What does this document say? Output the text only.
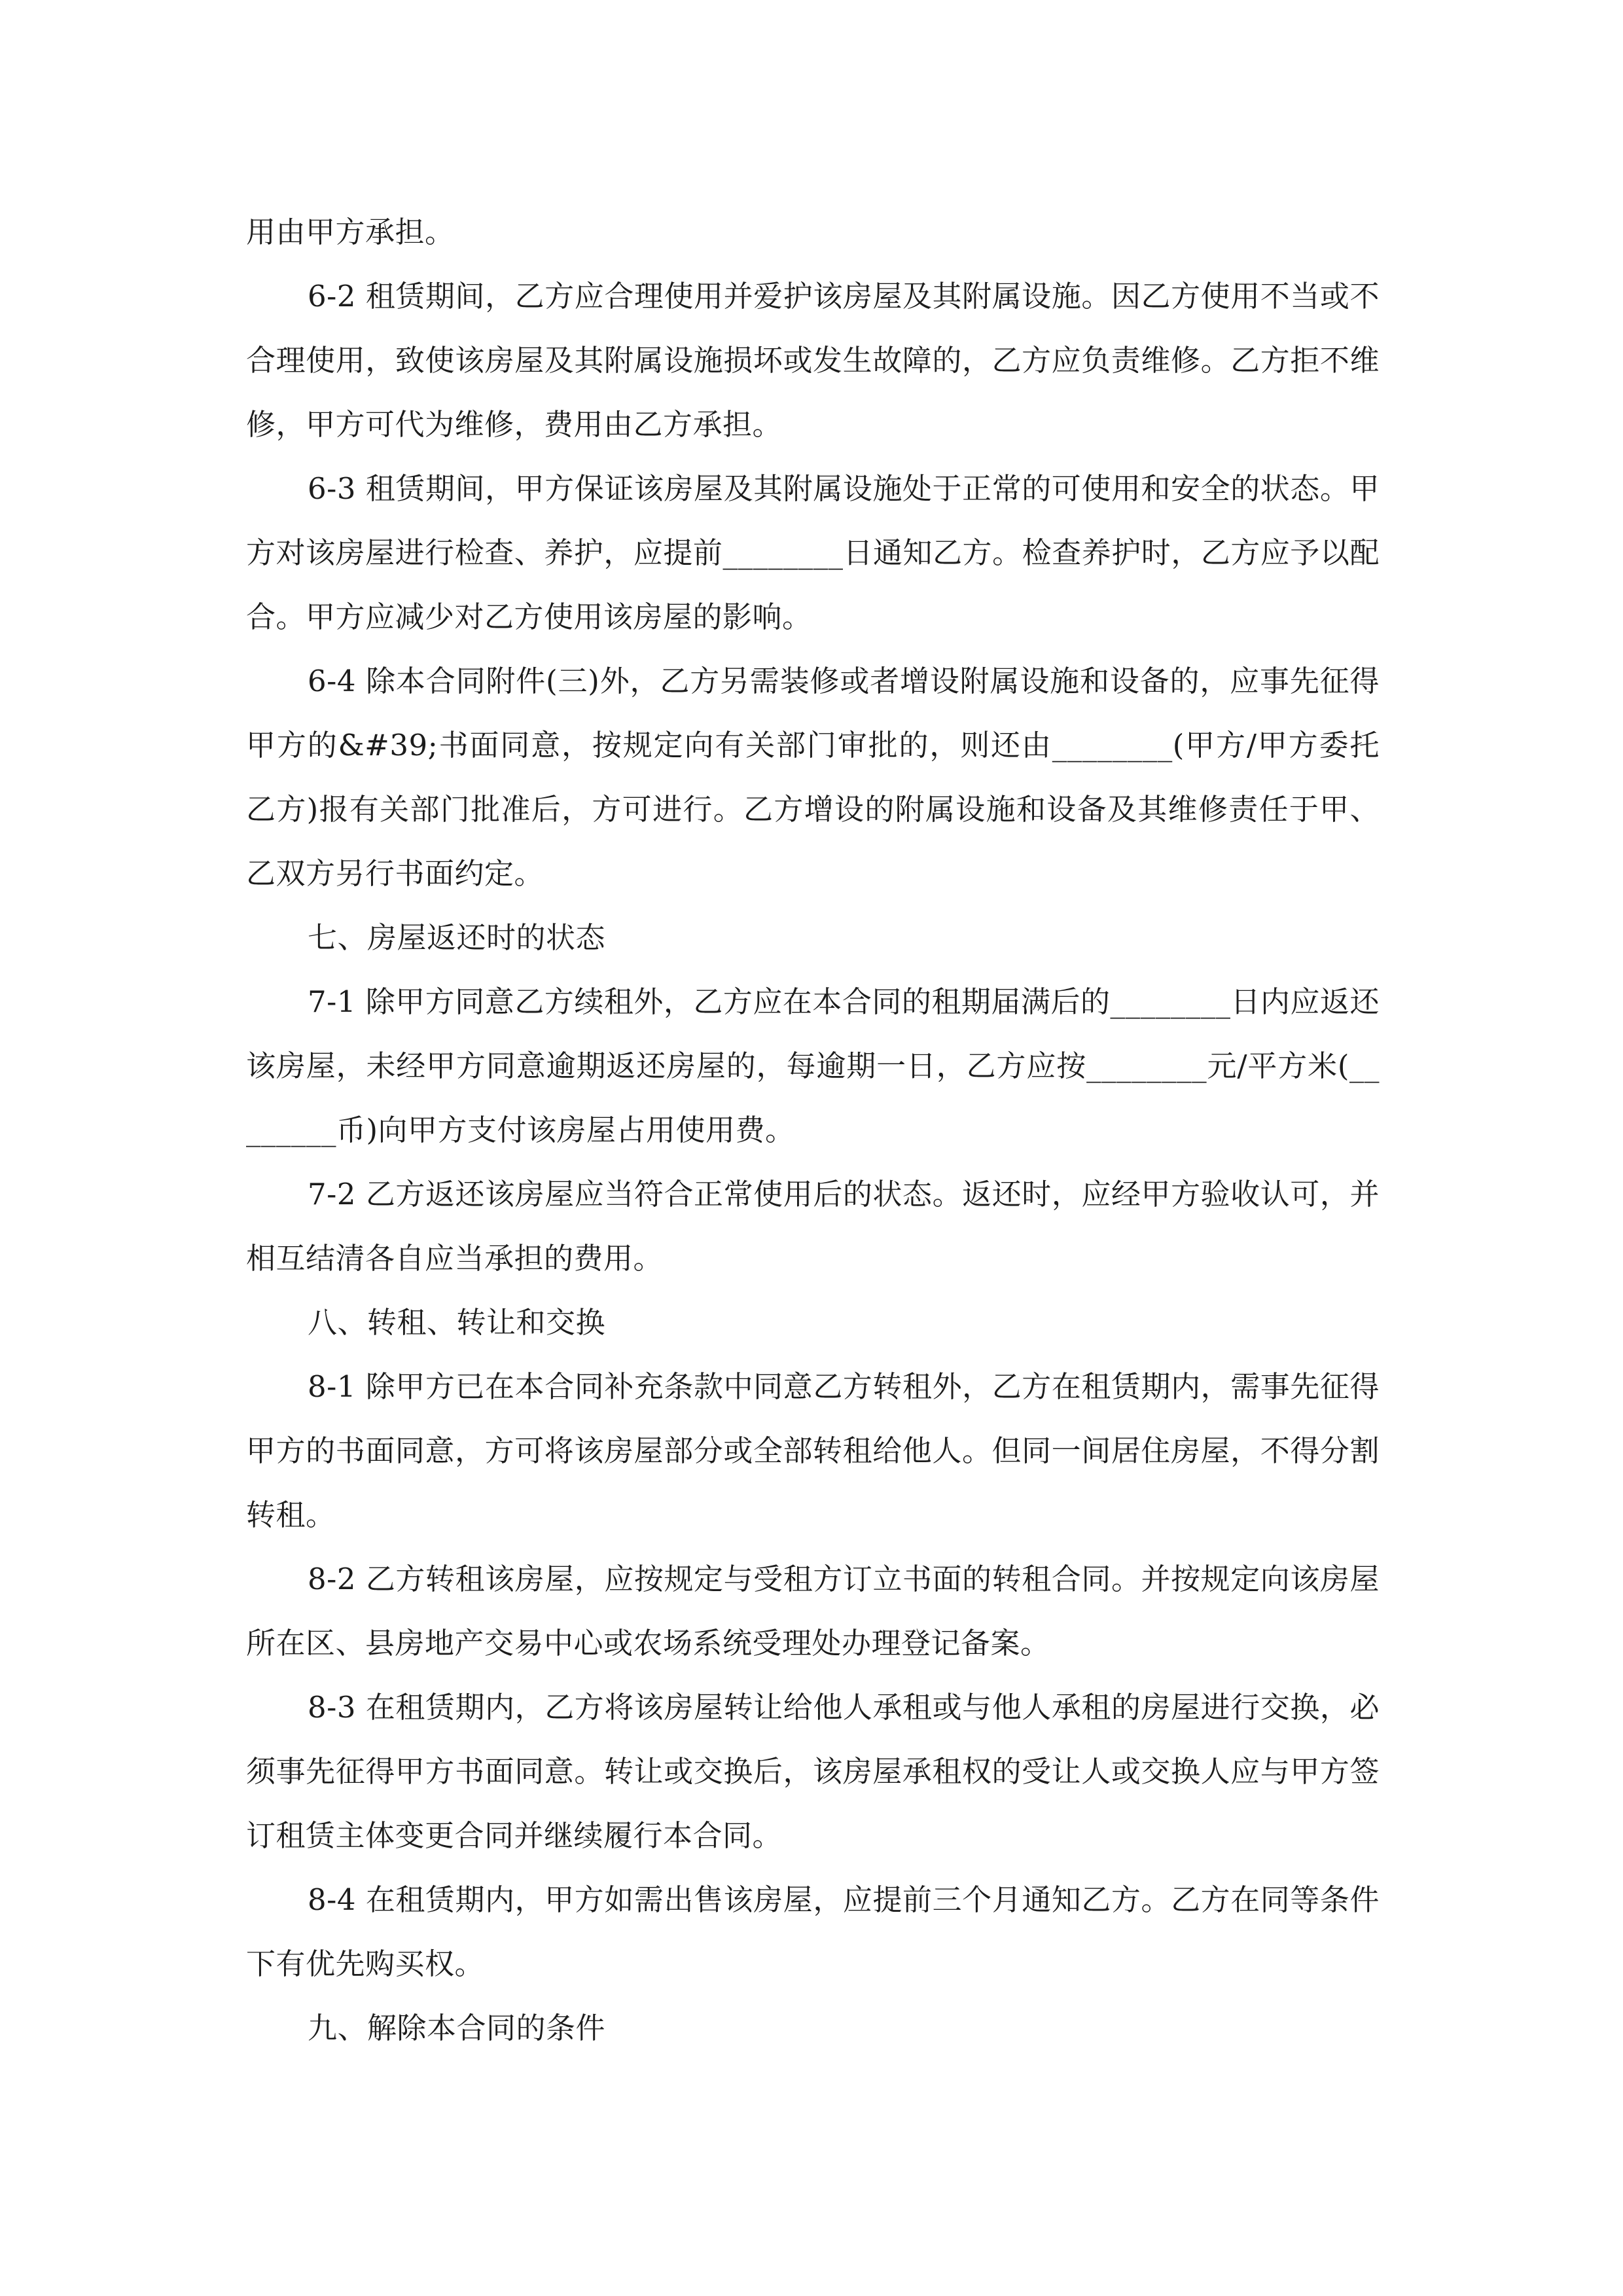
用由甲方承担。

6-2 租赁期间，乙方应合理使用并爱护该房屋及其附属设施。因乙方使用不当或不合理使用，致使该房屋及其附属设施损坏或发生故障的，乙方应负责维修。乙方拒不维修，甲方可代为维修，费用由乙方承担。

6-3 租赁期间，甲方保证该房屋及其附属设施处于正常的可使用和安全的状态。甲方对该房屋进行检查、养护，应提前________日通知乙方。检查养护时，乙方应予以配合。甲方应减少对乙方使用该房屋的影响。

6-4 除本合同附件(三)外，乙方另需装修或者增设附属设施和设备的，应事先征得甲方的&#39;书面同意，按规定向有关部门审批的，则还由________(甲方/甲方委托乙方)报有关部门批准后，方可进行。乙方增设的附属设施和设备及其维修责任于甲、乙双方另行书面约定。

七、房屋返还时的状态

7-1 除甲方同意乙方续租外，乙方应在本合同的租期届满后的________日内应返还该房屋，未经甲方同意逾期返还房屋的，每逾期一日，乙方应按________元/平方米(________币)向甲方支付该房屋占用使用费。

7-2 乙方返还该房屋应当符合正常使用后的状态。返还时，应经甲方验收认可，并相互结清各自应当承担的费用。

八、转租、转让和交换

8-1 除甲方已在本合同补充条款中同意乙方转租外，乙方在租赁期内，需事先征得甲方的书面同意，方可将该房屋部分或全部转租给他人。但同一间居住房屋，不得分割转租。

8-2 乙方转租该房屋，应按规定与受租方订立书面的转租合同。并按规定向该房屋所在区、县房地产交易中心或农场系统受理处办理登记备案。

8-3 在租赁期内，乙方将该房屋转让给他人承租或与他人承租的房屋进行交换，必须事先征得甲方书面同意。转让或交换后，该房屋承租权的受让人或交换人应与甲方签订租赁主体变更合同并继续履行本合同。

8-4 在租赁期内，甲方如需出售该房屋，应提前三个月通知乙方。乙方在同等条件下有优先购买权。

九、解除本合同的条件
